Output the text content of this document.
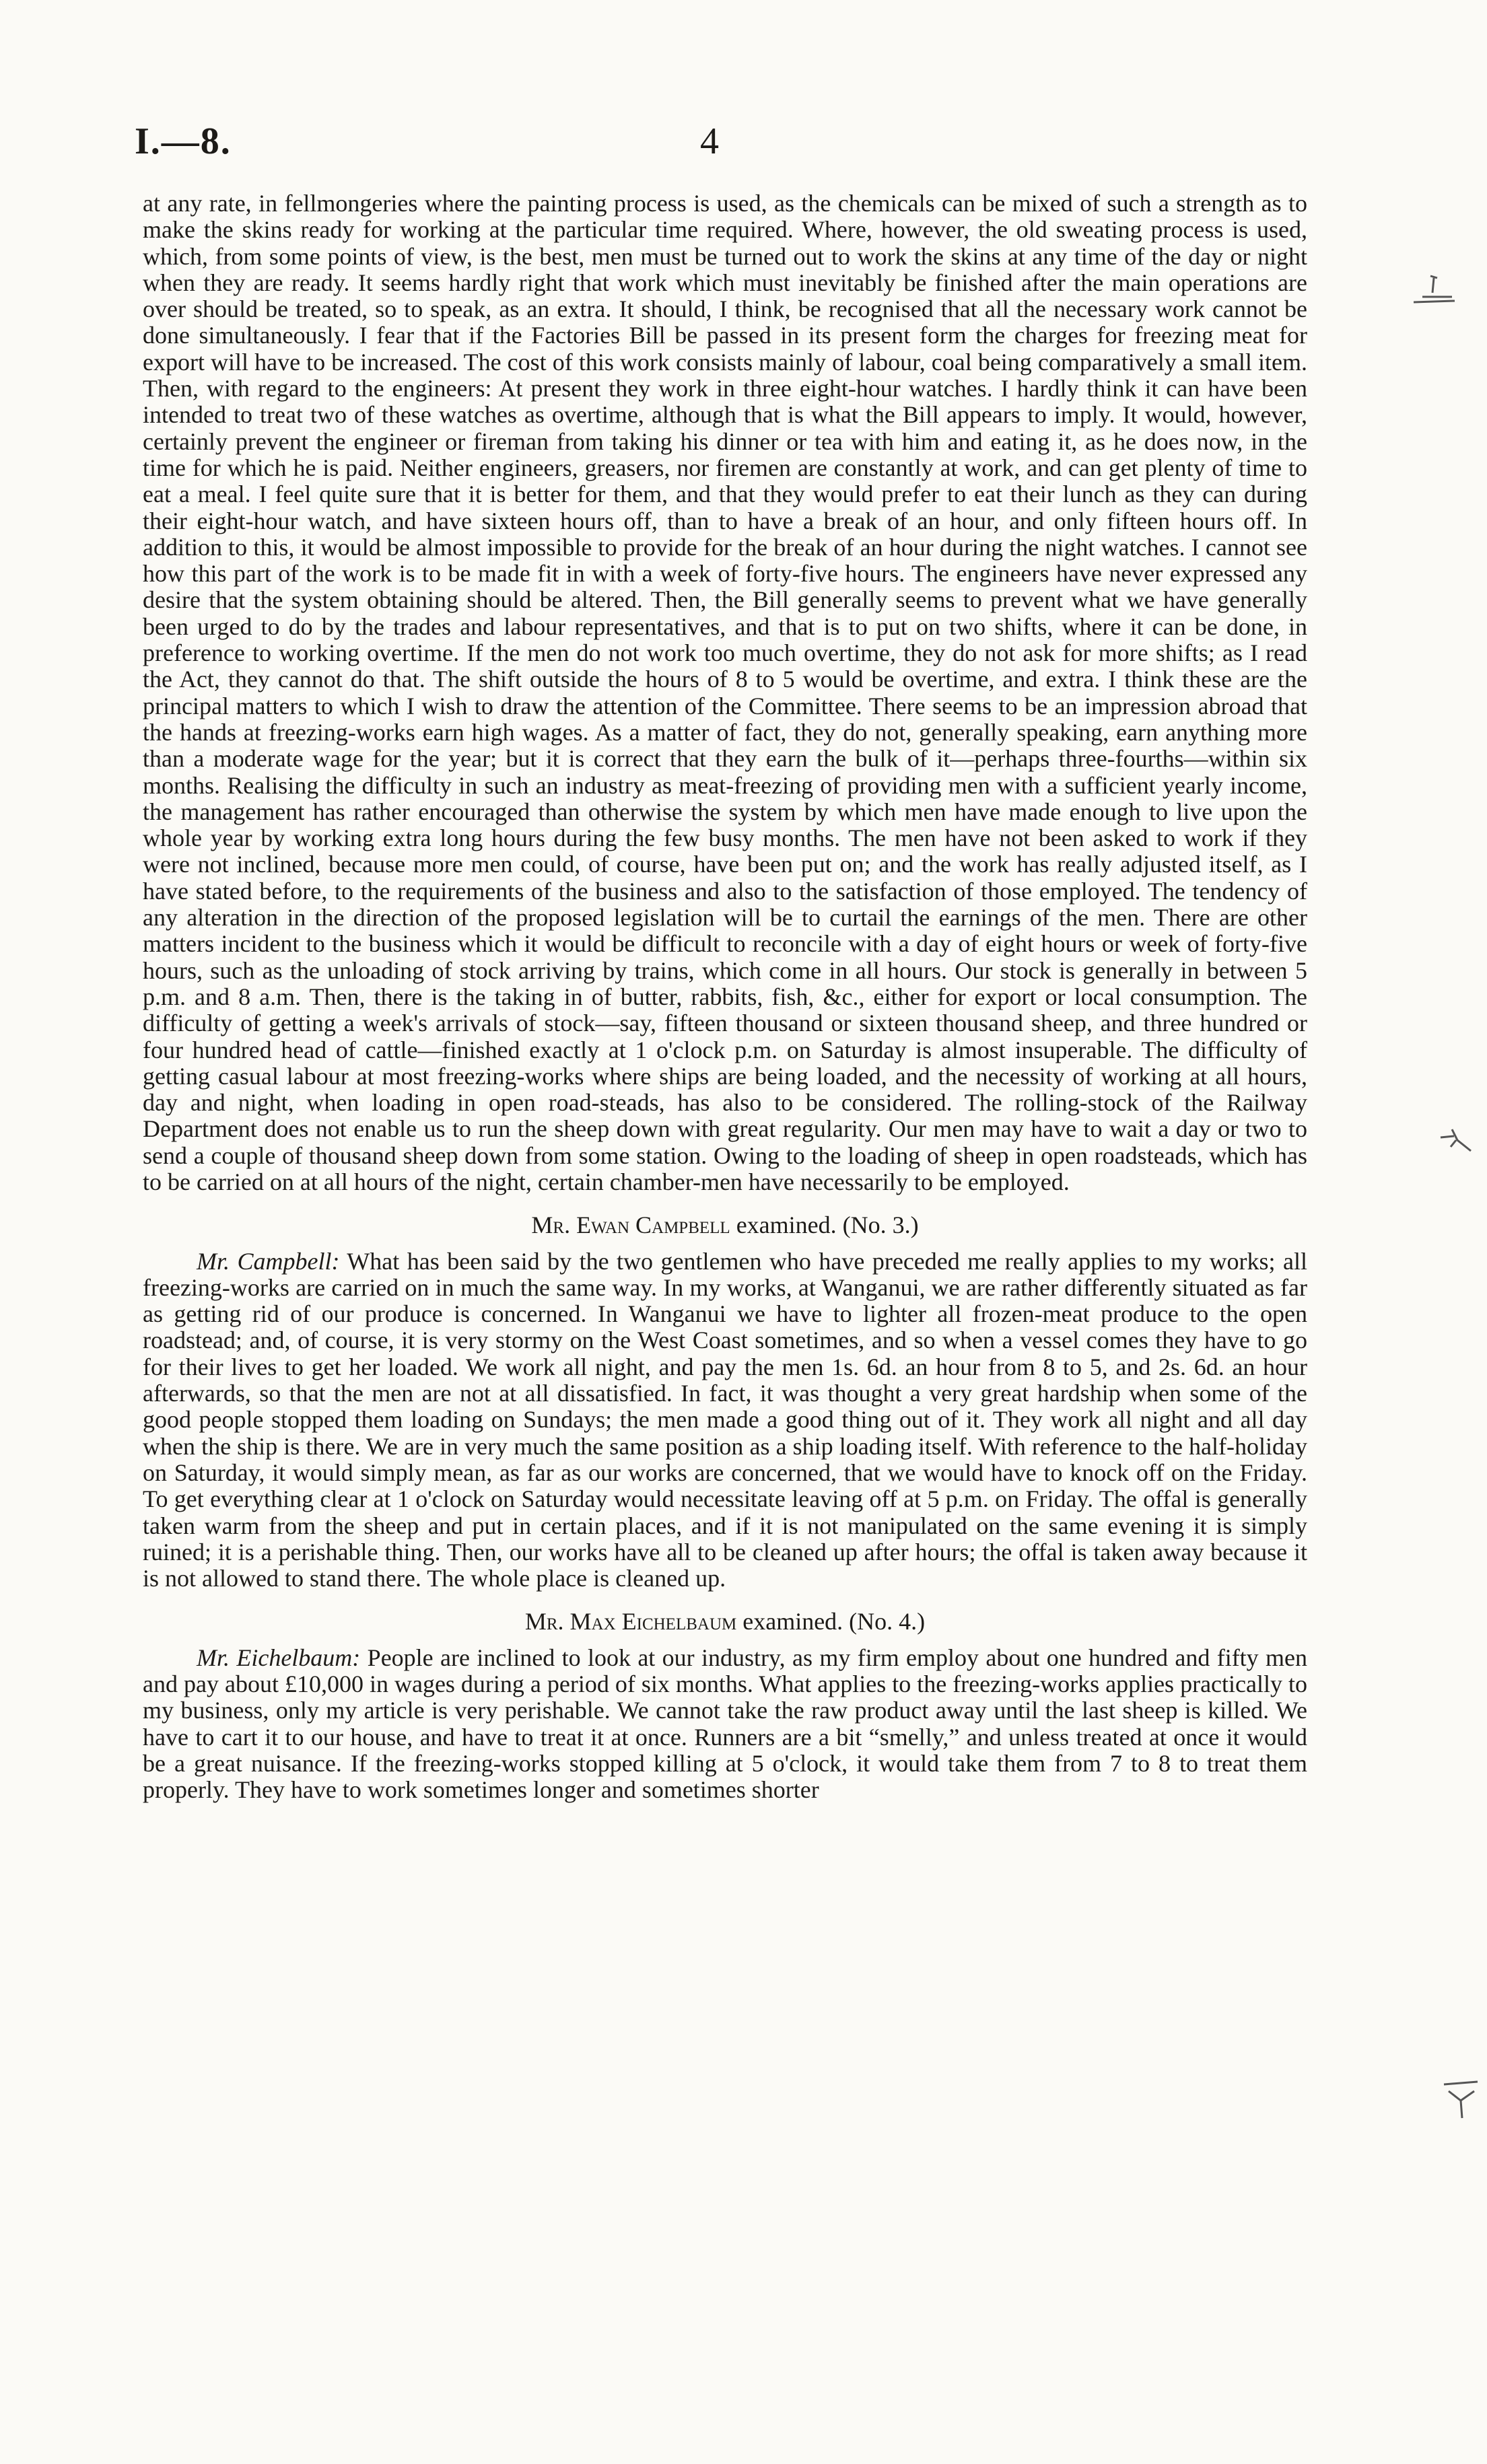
I.—8.	4

at any rate, in fellmongeries where the painting process is used, as the chemicals can be mixed of such a strength as to make the skins ready for working at the particular time required. Where, however, the old sweating process is used, which, from some points of view, is the best, men must be turned out to work the skins at any time of the day or night when they are ready. It seems hardly right that work which must inevitably be finished after the main operations are over should be treated, so to speak, as an extra. It should, I think, be recognised that all the necessary work cannot be done simultaneously. I fear that if the Factories Bill be passed in its present form the charges for freezing meat for export will have to be increased. The cost of this work consists mainly of labour, coal being comparatively a small item. Then, with regard to the engineers: At present they work in three eight-hour watches. I hardly think it can have been intended to treat two of these watches as overtime, although that is what the Bill appears to imply. It would, however, certainly prevent the engineer or fireman from taking his dinner or tea with him and eating it, as he does now, in the time for which he is paid. Neither engineers, greasers, nor firemen are constantly at work, and can get plenty of time to eat a meal. I feel quite sure that it is better for them, and that they would prefer to eat their lunch as they can during their eight-hour watch, and have sixteen hours off, than to have a break of an hour, and only fifteen hours off. In addition to this, it would be almost impossible to provide for the break of an hour during the night watches. I cannot see how this part of the work is to be made fit in with a week of forty-five hours. The engineers have never expressed any desire that the system obtaining should be altered. Then, the Bill generally seems to prevent what we have generally been urged to do by the trades and labour representatives, and that is to put on two shifts, where it can be done, in preference to working overtime. If the men do not work too much overtime, they do not ask for more shifts; as I read the Act, they cannot do that. The shift outside the hours of 8 to 5 would be overtime, and extra. I think these are the principal matters to which I wish to draw the attention of the Committee. There seems to be an impression abroad that the hands at freezing-works earn high wages. As a matter of fact, they do not, generally speaking, earn anything more than a moderate wage for the year; but it is correct that they earn the bulk of it—perhaps three-fourths—within six months. Realising the difficulty in such an industry as meat-freezing of providing men with a sufficient yearly income, the management has rather encouraged than otherwise the system by which men have made enough to live upon the whole year by working extra long hours during the few busy months. The men have not been asked to work if they were not inclined, because more men could, of course, have been put on; and the work has really adjusted itself, as I have stated before, to the requirements of the business and also to the satisfaction of those employed. The tendency of any alteration in the direction of the proposed legislation will be to curtail the earnings of the men. There are other matters incident to the business which it would be difficult to reconcile with a day of eight hours or week of forty-five hours, such as the unloading of stock arriving by trains, which come in all hours. Our stock is generally in between 5 p.m. and 8 a.m. Then, there is the taking in of butter, rabbits, fish, &c., either for export or local consumption. The difficulty of getting a week's arrivals of stock—say, fifteen thousand or sixteen thousand sheep, and three hundred or four hundred head of cattle—finished exactly at 1 o'clock p.m. on Saturday is almost insuperable. The difficulty of getting casual labour at most freezing-works where ships are being loaded, and the necessity of working at all hours, day and night, when loading in open road-steads, has also to be considered. The rolling-stock of the Railway Department does not enable us to run the sheep down with great regularity. Our men may have to wait a day or two to send a couple of thousand sheep down from some station. Owing to the loading of sheep in open roadsteads, which has to be carried on at all hours of the night, certain chamber-men have necessarily to be employed.

Mr. Ewan Campbell examined. (No. 3.)

Mr. Campbell: What has been said by the two gentlemen who have preceded me really applies to my works; all freezing-works are carried on in much the same way. In my works, at Wanganui, we are rather differently situated as far as getting rid of our produce is concerned. In Wanganui we have to lighter all frozen-meat produce to the open roadstead; and, of course, it is very stormy on the West Coast sometimes, and so when a vessel comes they have to go for their lives to get her loaded. We work all night, and pay the men 1s. 6d. an hour from 8 to 5, and 2s. 6d. an hour afterwards, so that the men are not at all dissatisfied. In fact, it was thought a very great hardship when some of the good people stopped them loading on Sundays; the men made a good thing out of it. They work all night and all day when the ship is there. We are in very much the same position as a ship loading itself. With reference to the half-holiday on Saturday, it would simply mean, as far as our works are concerned, that we would have to knock off on the Friday. To get everything clear at 1 o'clock on Saturday would necessitate leaving off at 5 p.m. on Friday. The offal is generally taken warm from the sheep and put in certain places, and if it is not manipulated on the same evening it is simply ruined; it is a perishable thing. Then, our works have all to be cleaned up after hours; the offal is taken away because it is not allowed to stand there. The whole place is cleaned up.

Mr. Max Eichelbaum examined. (No. 4.)

Mr. Eichelbaum: People are inclined to look at our industry, as my firm employ about one hundred and fifty men and pay about £10,000 in wages during a period of six months. What applies to the freezing-works applies practically to my business, only my article is very perishable. We cannot take the raw product away until the last sheep is killed. We have to cart it to our house, and have to treat it at once. Runners are a bit “smelly,” and unless treated at once it would be a great nuisance. If the freezing-works stopped killing at 5 o'clock, it would take them from 7 to 8 to treat them properly. They have to work sometimes longer and sometimes shorter
